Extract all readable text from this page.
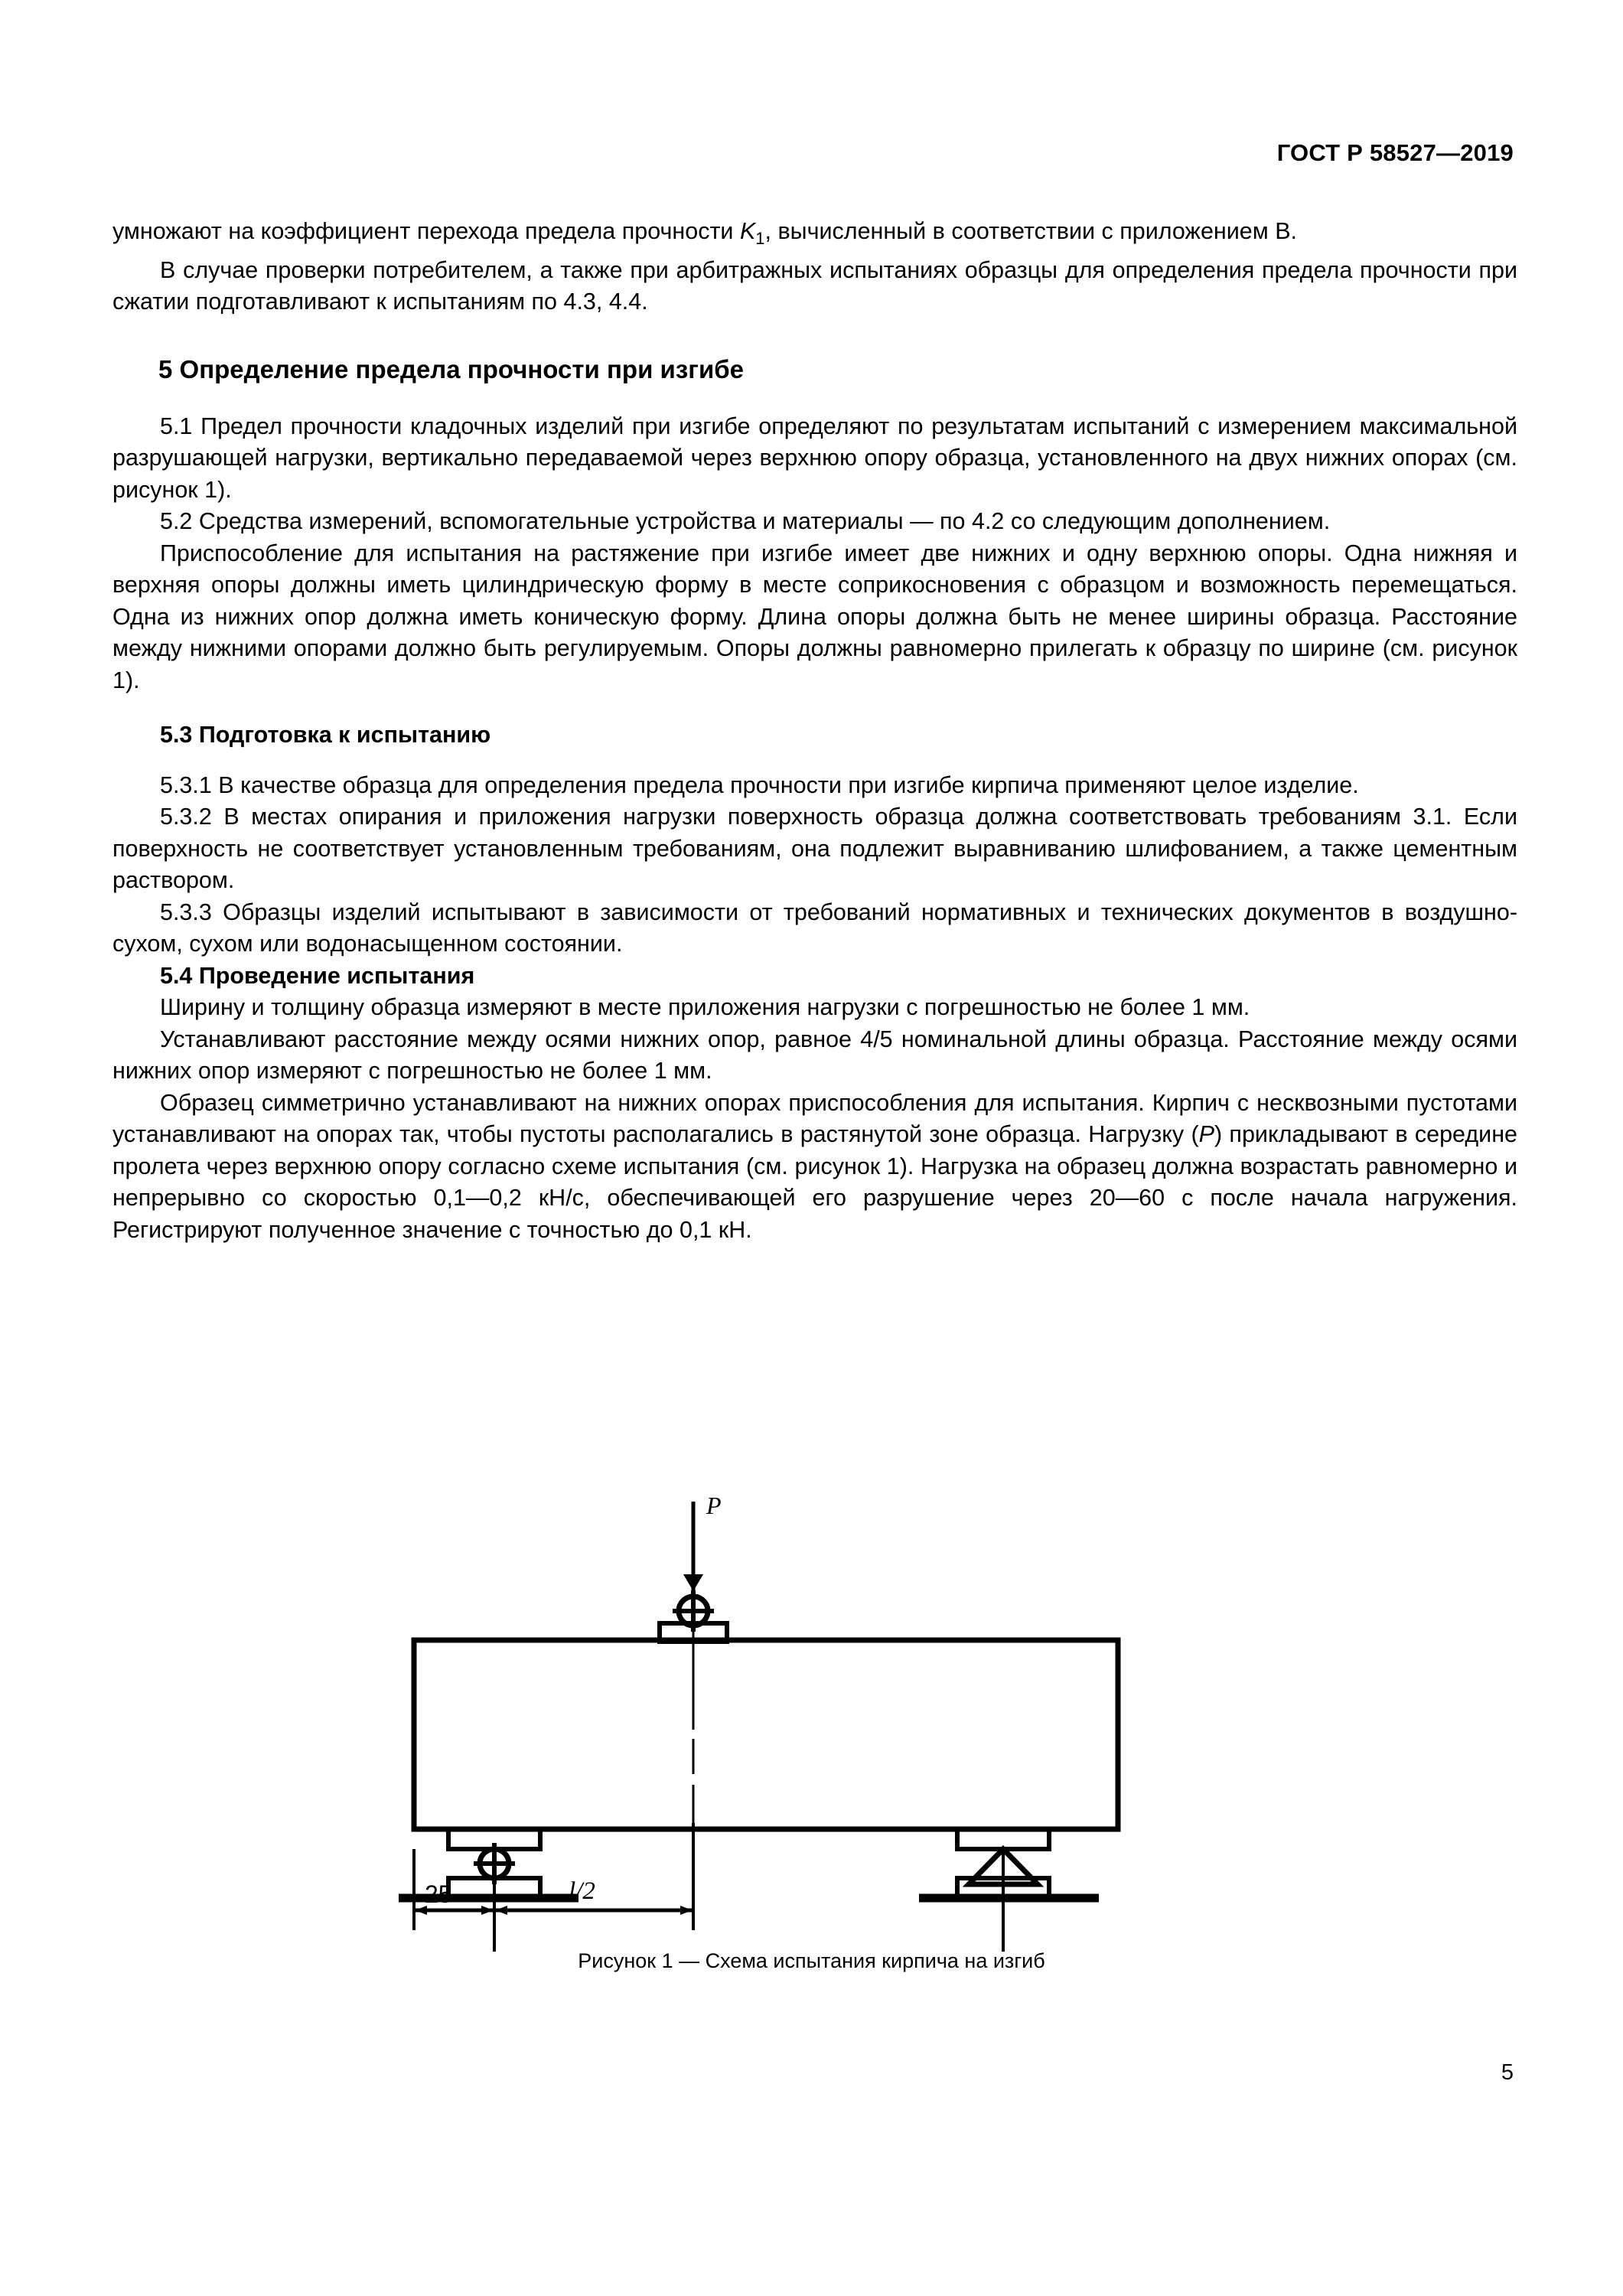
ГОСТ Р 58527—2019

умножают на коэффициент перехода предела прочности $K_1$, вычисленный в соответствии с приложением В.

В случае проверки потребителем, а также при арбитражных испытаниях образцы для определения предела прочности при сжатии подготавливают к испытаниям по 4.3, 4.4.

5 Определение предела прочности при изгибе

5.1 Предел прочности кладочных изделий при изгибе определяют по результатам испытаний с измерением максимальной разрушающей нагрузки, вертикально передаваемой через верхнюю опору образца, установленного на двух нижних опорах (см. рисунок 1).

5.2 Средства измерений, вспомогательные устройства и материалы — по 4.2 со следующим дополнением.

Приспособление для испытания на растяжение при изгибе имеет две нижних и одну верхнюю опоры. Одна нижняя и верхняя опоры должны иметь цилиндрическую форму в месте соприкосновения с образцом и возможность перемещаться. Одна из нижних опор должна иметь коническую форму. Длина опоры должна быть не менее ширины образца. Расстояние между нижними опорами должно быть регулируемым. Опоры должны равномерно прилегать к образцу по ширине (см. рисунок 1).

5.3 Подготовка к испытанию

5.3.1 В качестве образца для определения предела прочности при изгибе кирпича применяют целое изделие.

5.3.2 В местах опирания и приложения нагрузки поверхность образца должна соответствовать требованиям 3.1. Если поверхность не соответствует установленным требованиям, она подлежит выравниванию шлифованием, а также цементным раствором.

5.3.3 Образцы изделий испытывают в зависимости от требований нормативных и технических документов в воздушно-сухом, сухом или водонасыщенном состоянии.

5.4 Проведение испытания

Ширину и толщину образца измеряют в месте приложения нагрузки с погрешностью не более 1 мм.

Устанавливают расстояние между осями нижних опор, равное 4/5 номинальной длины образца. Расстояние между осями нижних опор измеряют с погрешностью не более 1 мм.

Образец симметрично устанавливают на нижних опорах приспособления для испытания. Кирпич с несквозными пустотами устанавливают на опорах так, чтобы пустоты располагались в растянутой зоне образца. Нагрузку (P) прикладывают в середине пролета через верхнюю опору согласно схеме испытания (см. рисунок 1). Нагрузка на образец должна возрастать равномерно и непрерывно со скоростью 0,1—0,2 кН/с, обеспечивающей его разрушение через 20—60 с после начала нагружения. Регистрируют полученное значение с точностью до 0,1 кН.

P
25	l/2
Рисунок 1 — Схема испытания кирпича на изгиб
5
